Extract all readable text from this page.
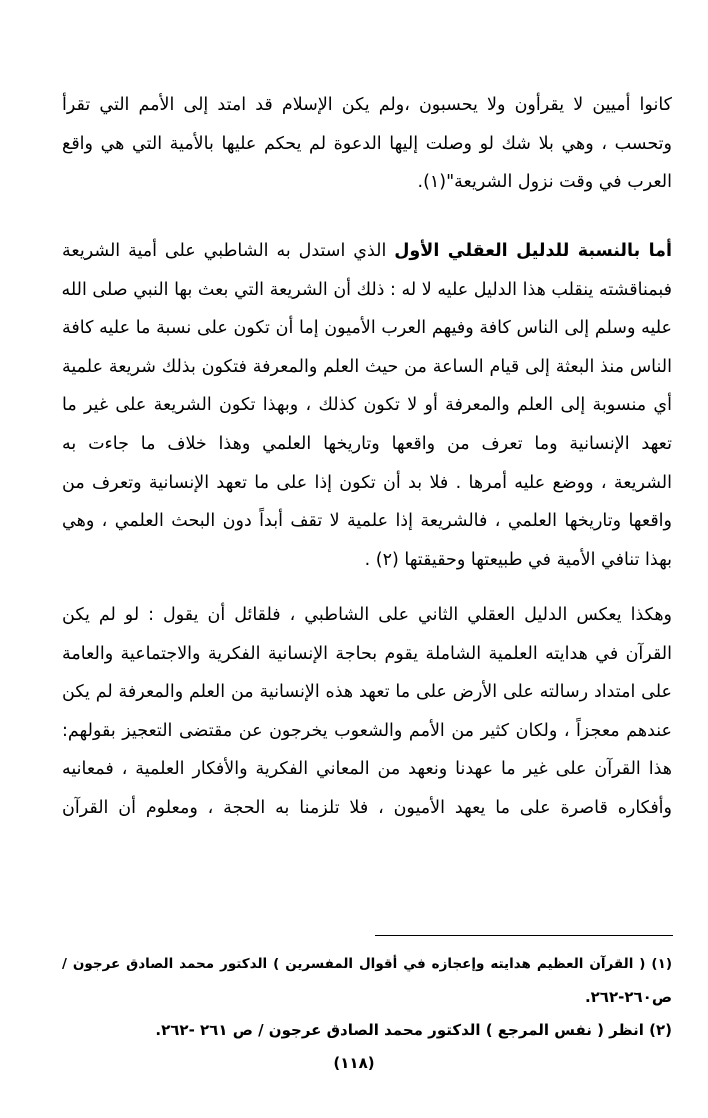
كانوا أميين لا يقرأون ولا يحسبون ،ولم يكن الإسلام قد امتد إلى الأمم التي تقرأ
وتحسب ، وهي بلا شك لو وصلت إليها الدعوة لم يحكم عليها بالأمية التي هي واقع
العرب في وقت نزول الشريعة"(١).
أما بالنسبة للدليل العقلي الأول الذي استدل به الشاطبي على أمية الشريعة
فبمناقشته ينقلب هذا الدليل عليه لا له : ذلك أن الشريعة التي بعث بها النبي صلى الله
عليه وسلم إلى الناس كافة وفيهم العرب الأميون إما أن تكون على نسبة ما عليه كافة
الناس منذ البعثة إلى قيام الساعة من حيث العلم والمعرفة فتكون بذلك شريعة علمية
أي منسوبة إلى العلم والمعرفة أو لا تكون كذلك ، وبهذا تكون الشريعة على غير ما
تعهد الإنسانية وما تعرف من واقعها وتاريخها العلمي وهذا خلاف ما جاءت به
الشريعة ، ووضع عليه أمرها . فلا بد أن تكون إذا على ما تعهد الإنسانية وتعرف من
واقعها وتاريخها العلمي ، فالشريعة إذا علمية لا تقف أبداً دون البحث العلمي ، وهي
بهذا تنافي الأمية في طبيعتها وحقيقتها (٢) .
وهكذا يعكس الدليل العقلي الثاني على الشاطبي ، فلقائل أن يقول : لو لم يكن
القرآن في هدايته العلمية الشاملة يقوم بحاجة الإنسانية الفكرية والاجتماعية والعامة
على امتداد رسالته على الأرض على ما تعهد هذه الإنسانية من العلم والمعرفة لم يكن
عندهم معجزاً ، ولكان كثير من الأمم والشعوب يخرجون عن مقتضى التعجيز بقولهم:
هذا القرآن على غير ما عهدنا ونعهد من المعاني الفكرية والأفكار العلمية ، فمعانيه
وأفكاره قاصرة على ما يعهد الأميون ، فلا تلزمنا به الحجة ، ومعلوم أن القرآن
(١) ( القرآن العظيم هدايته وإعجازه في أقوال المفسرين ) الدكتور محمد الصادق عرجون /
ص٢٦٠-٢٦٢.
(٢) انظر ( نفس المرجع ) الدكتور محمد الصادق عرجون / ص ٢٦١ -٢٦٢.
(١١٨)
